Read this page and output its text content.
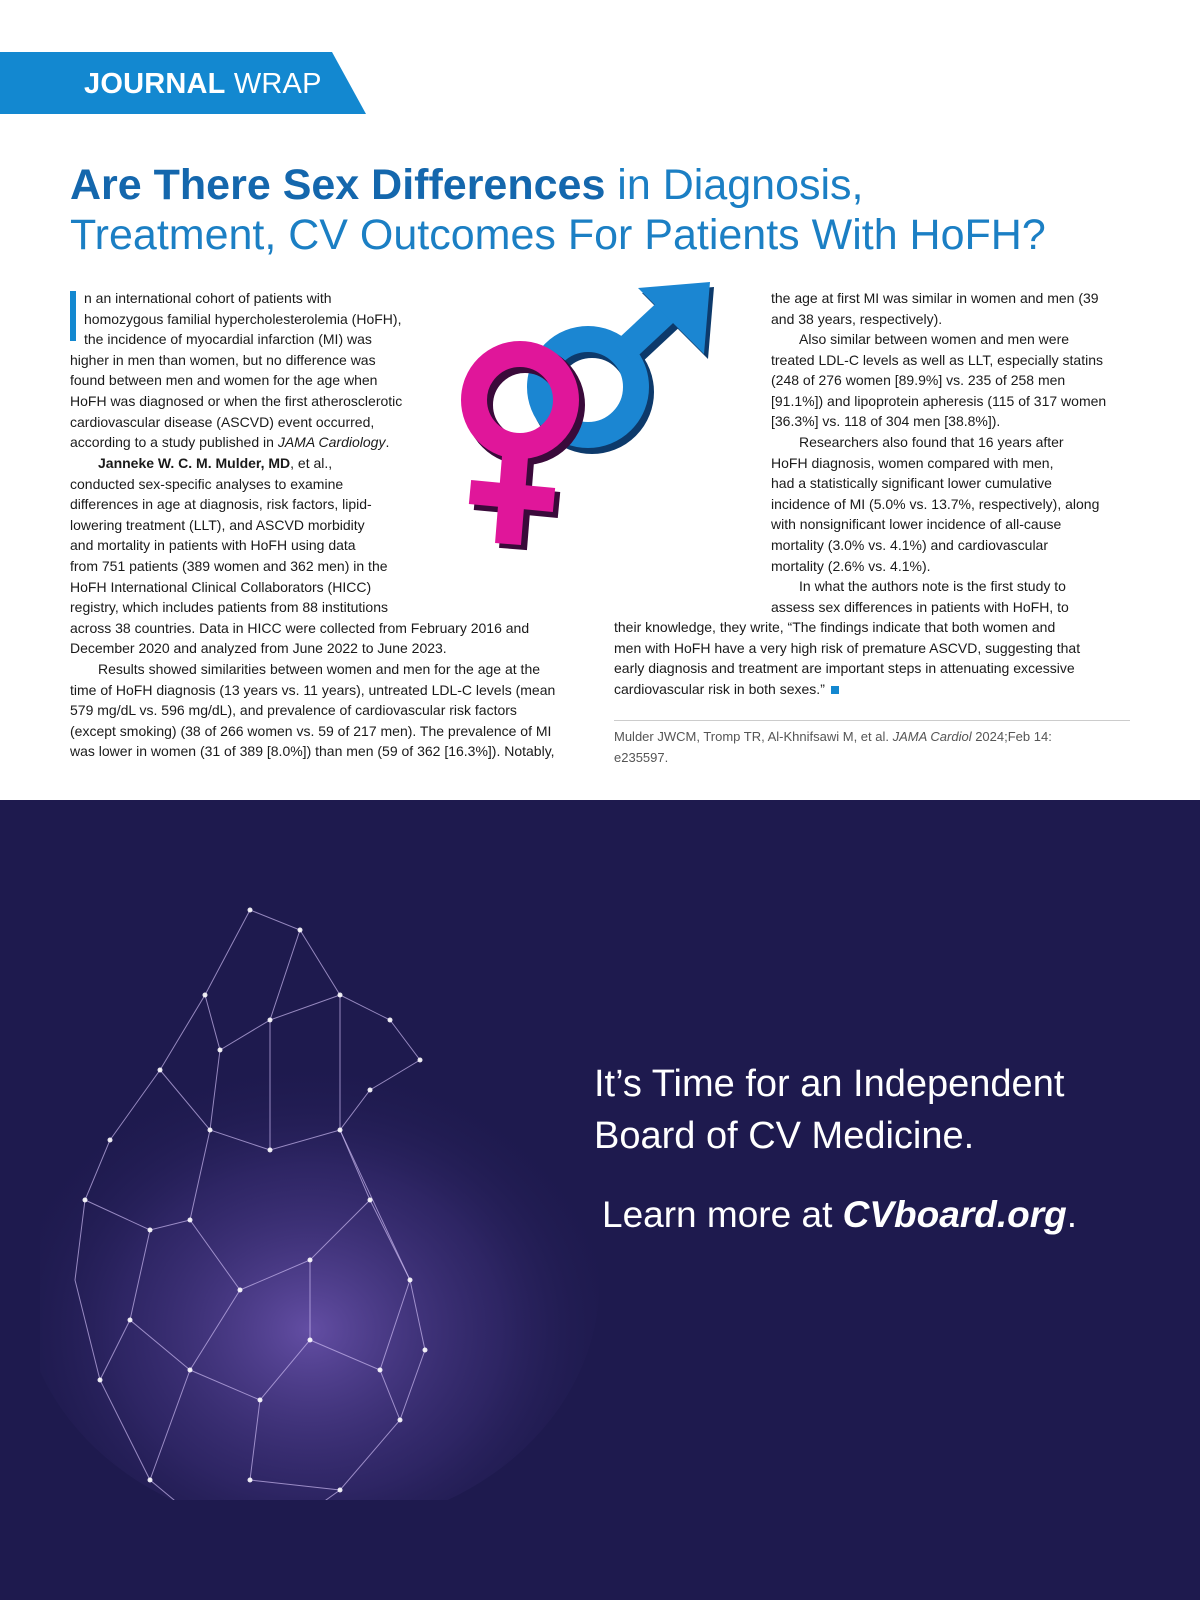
JOURNAL WRAP
Are There Sex Differences in Diagnosis,
Treatment, CV Outcomes For Patients With HoFH?

n an international cohort of patients with
homozygous familial hypercholesterolemia (HoFH),
the incidence of myocardial infarction (MI) was
higher in men than women, but no difference was
found between men and women for the age when
HoFH was diagnosed or when the first atherosclerotic
cardiovascular disease (ASCVD) event occurred,
according to a study published in JAMA Cardiology.

Janneke W. C. M. Mulder, MD, et al.,
conducted sex-specific analyses to examine
differences in age at diagnosis, risk factors, lipid-
lowering treatment (LLT), and ASCVD morbidity
and mortality in patients with HoFH using data
from 751 patients (389 women and 362 men) in the
HoFH International Clinical Collaborators (HICC)
registry, which includes patients from 88 institutions
across 38 countries. Data in HICC were collected from February 2016 and
December 2020 and analyzed from June 2022 to June 2023.

Results showed similarities between women and men for the age at the
time of HoFH diagnosis (13 years vs. 11 years), untreated LDL-C levels (mean
579 mg/dL vs. 596 mg/dL), and prevalence of cardiovascular risk factors
(except smoking) (38 of 266 women vs. 59 of 217 men). The prevalence of MI
was lower in women (31 of 389 [8.0%]) than men (59 of 362 [16.3%]). Notably,

the age at first MI was similar in women and men (39
and 38 years, respectively).

Also similar between women and men were
treated LDL-C levels as well as LLT, especially statins
(248 of 276 women [89.9%] vs. 235 of 258 men
[91.1%]) and lipoprotein apheresis (115 of 317 women
[36.3%] vs. 118 of 304 men [38.8%]).

Researchers also found that 16 years after
HoFH diagnosis, women compared with men,
had a statistically significant lower cumulative
incidence of MI (5.0% vs. 13.7%, respectively), along
with nonsignificant lower incidence of all-cause
mortality (3.0% vs. 4.1%) and cardiovascular
mortality (2.6% vs. 4.1%).

In what the authors note is the first study to
assess sex differences in patients with HoFH, to

their knowledge, they write, “The findings indicate that both women and
men with HoFH have a very high risk of premature ASCVD, suggesting that
early diagnosis and treatment are important steps in attenuating excessive
cardiovascular risk in both sexes.”

Mulder JWCM, Tromp TR, Al-Khnifsawi M, et al. JAMA Cardiol 2024;Feb 14:
e235597.
It’s Time for an Independent
Board of CV Medicine.
Learn more at CVboard.org.
